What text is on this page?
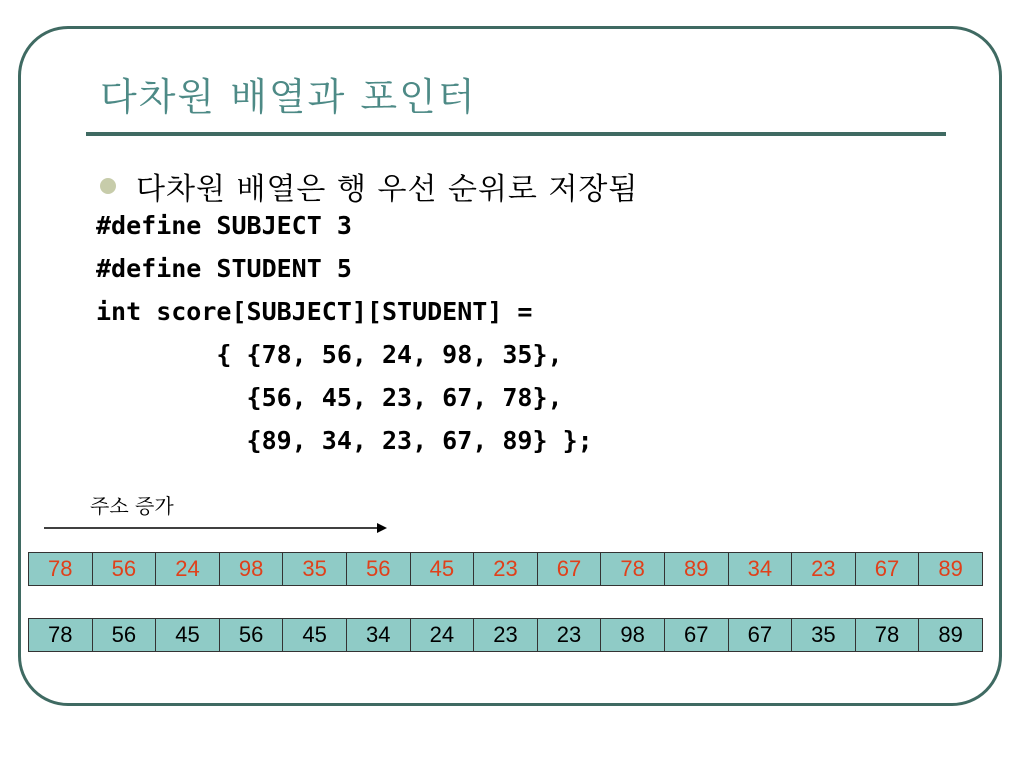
다차원 배열과 포인터
다차원 배열은 행 우선 순위로 저장됨
#define SUBJECT 3
#define STUDENT 5
int score[SUBJECT][STUDENT] =
{ {78, 56, 24, 98, 35},
{56, 45, 23, 67, 78},
{89, 34, 23, 67, 89} };
주소 증가
78	56	24	98	35	56	45	23	67	78	89	34	23	67	89
78	56	45	56	45	34	24	23	23	98	67	67	35	78	89
